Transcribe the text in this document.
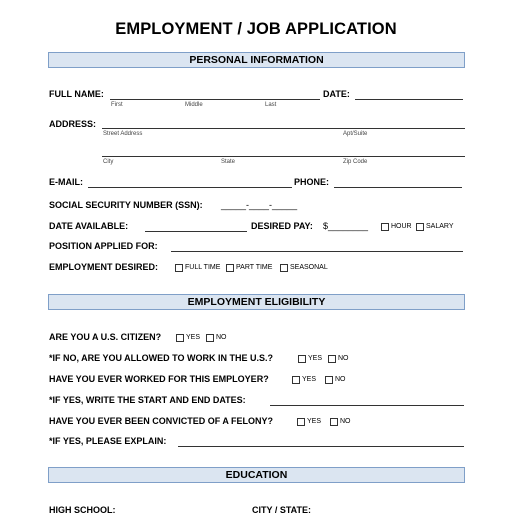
EMPLOYMENT / JOB APPLICATION
PERSONAL INFORMATION
FULL NAME:	DATE:
First	Middle	Last
ADDRESS:
Street Address	Apt/Suite
City	State	Zip Code
E-MAIL:	PHONE:
SOCIAL SECURITY NUMBER (SSN): _____-____-_____
DATE AVAILABLE:	DESIRED PAY: $________	HOUR SALARY
POSITION APPLIED FOR:
EMPLOYMENT DESIRED:	FULL TIME PART TIME	SEASONAL
EMPLOYMENT ELIGIBILITY
ARE YOU A U.S. CITIZEN?	YES NO
*IF NO, ARE YOU ALLOWED TO WORK IN THE U.S.?	YES NO
HAVE YOU EVER WORKED FOR THIS EMPLOYER?	YES	NO
*IF YES, WRITE THE START AND END DATES:
HAVE YOU EVER BEEN CONVICTED OF A FELONY?	YES	NO
*IF YES, PLEASE EXPLAIN:
EDUCATION
HIGH SCHOOL:	CITY / STATE:
